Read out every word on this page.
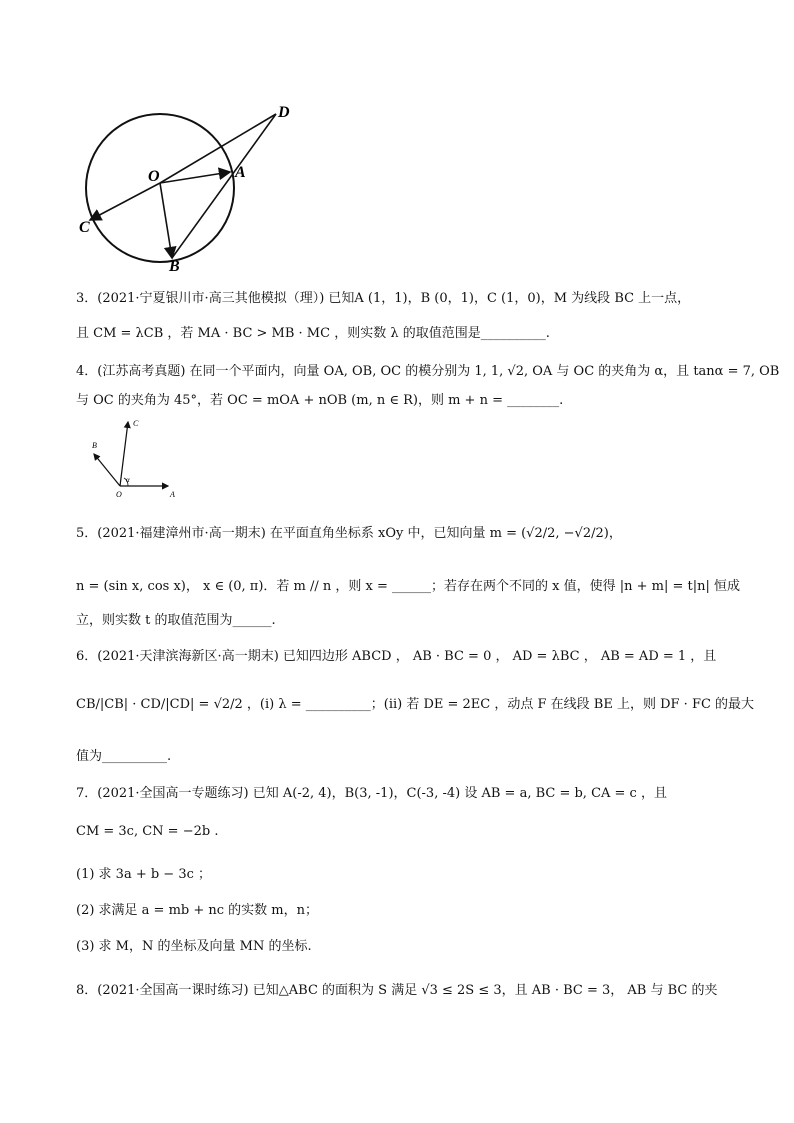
D
O	A
C
B
3．(2021·宁夏银川市·高三其他模拟（理）) 已知A (1，1)，B (0，1)，C (1，0)，M 为线段 BC 上一点，
且 CM = λCB ，若 MA · BC > MB · MC ，则实数 λ 的取值范围是__________.
4．(江苏高考真题) 在同一个平面内，向量 OA, OB, OC 的模分别为 1, 1, √2, OA 与 OC 的夹角为 α，且 tanα = 7, OB
与 OC 的夹角为 45°，若 OC = mOA + nOB (m, n ∈ R)，则 m + n = ________.
C
B
α
O	A
5．(2021·福建漳州市·高一期末) 在平面直角坐标系 xOy 中，已知向量 m = (√2/2, −√2/2)，
n = (sin x, cos x)， x ∈ (0, π)．若 m // n ，则 x = ______；若存在两个不同的 x 值，使得 |n + m| = t|n| 恒成
立，则实数 t 的取值范围为______.
6．(2021·天津滨海新区·高一期末) 已知四边形 ABCD ， AB · BC = 0 ， AD = λBC ， AB = AD = 1 ，且
CB/|CB| · CD/|CD| = √2/2 ，(i) λ = __________；(ii) 若 DE = 2EC ，动点 F 在线段 BE 上，则 DF · FC 的最大
值为__________.
7．(2021·全国高一专题练习) 已知 A(-2, 4)，B(3, -1)，C(-3, -4) 设 AB = a, BC = b, CA = c ，且
CM = 3c, CN = −2b .
(1) 求 3a + b − 3c ；
(2) 求满足 a = mb + nc 的实数 m，n；
(3) 求 M，N 的坐标及向量 MN 的坐标.
8．(2021·全国高一课时练习) 已知△ABC 的面积为 S 满足 √3 ≤ 2S ≤ 3，且 AB · BC = 3， AB 与 BC 的夹
